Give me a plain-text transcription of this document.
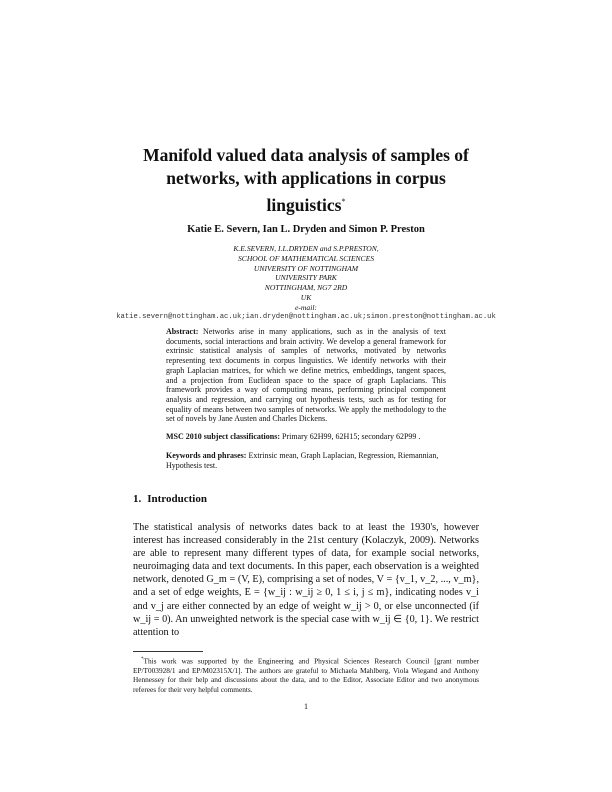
Manifold valued data analysis of samples of networks, with applications in corpus linguistics*
Katie E. Severn, Ian L. Dryden and Simon P. Preston
K.E.SEVERN, I.L.DRYDEN and S.P.PRESTON,
SCHOOL OF MATHEMATICAL SCIENCES
UNIVERSITY OF NOTTINGHAM
UNIVERSITY PARK
NOTTINGHAM, NG7 2RD
UK
e-mail:
katie.severn@nottingham.ac.uk;ian.dryden@nottingham.ac.uk;simon.preston@nottingham.ac.uk
Abstract: Networks arise in many applications, such as in the analysis of text documents, social interactions and brain activity. We develop a general framework for extrinsic statistical analysis of samples of networks, motivated by networks representing text documents in corpus linguistics. We identify networks with their graph Laplacian matrices, for which we define metrics, embeddings, tangent spaces, and a projection from Euclidean space to the space of graph Laplacians. This framework provides a way of computing means, performing principal component analysis and regression, and carrying out hypothesis tests, such as for testing for equality of means between two samples of networks. We apply the methodology to the set of novels by Jane Austen and Charles Dickens.
MSC 2010 subject classifications: Primary 62H99, 62H15; secondary 62P99 .
Keywords and phrases: Extrinsic mean, Graph Laplacian, Regression, Riemannian, Hypothesis test.
1. Introduction

The statistical analysis of networks dates back to at least the 1930's, however interest has increased considerably in the 21st century (Kolaczyk, 2009). Networks are able to represent many different types of data, for example social networks, neuroimaging data and text documents. In this paper, each observation is a weighted network, denoted G_m = (V, E), comprising a set of nodes, V = {v_1, v_2, ..., v_m}, and a set of edge weights, E = {w_ij : w_ij ≥ 0, 1 ≤ i, j ≤ m}, indicating nodes v_i and v_j are either connected by an edge of weight w_ij > 0, or else unconnected (if w_ij = 0). An unweighted network is the special case with w_ij ∈ {0, 1}. We restrict attention to

*This work was supported by the Engineering and Physical Sciences Research Council [grant number EP/T003928/1 and EP/M02315X/1]. The authors are grateful to Michaela Mahlberg, Viola Wiegand and Anthony Hennessey for their help and discussions about the data, and to the Editor, Associate Editor and two anonymous referees for their very helpful comments.

1
